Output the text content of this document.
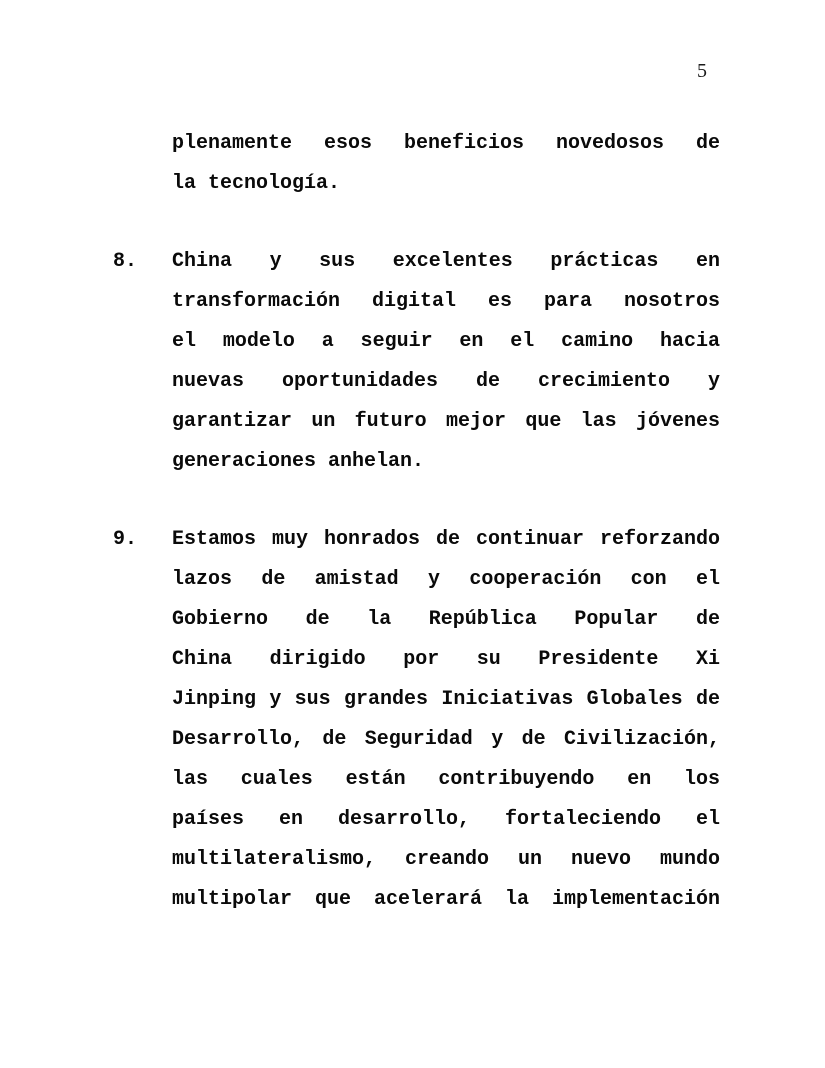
5
plenamente esos beneficios novedosos de
la tecnología.
8.	China y sus excelentes prácticas en
transformación digital es para nosotros
el modelo a seguir en el camino hacia
nuevas oportunidades de crecimiento y
garantizar un futuro mejor que las jóvenes
generaciones anhelan.
9.	Estamos muy honrados de continuar reforzando
lazos de amistad y cooperación con el
Gobierno de la República Popular de
China dirigido por su Presidente Xi
Jinping y sus grandes Iniciativas Globales de
Desarrollo, de Seguridad y de Civilización,
las cuales están contribuyendo en los
países en desarrollo, fortaleciendo el
multilateralismo, creando un nuevo mundo
multipolar que acelerará la implementación
